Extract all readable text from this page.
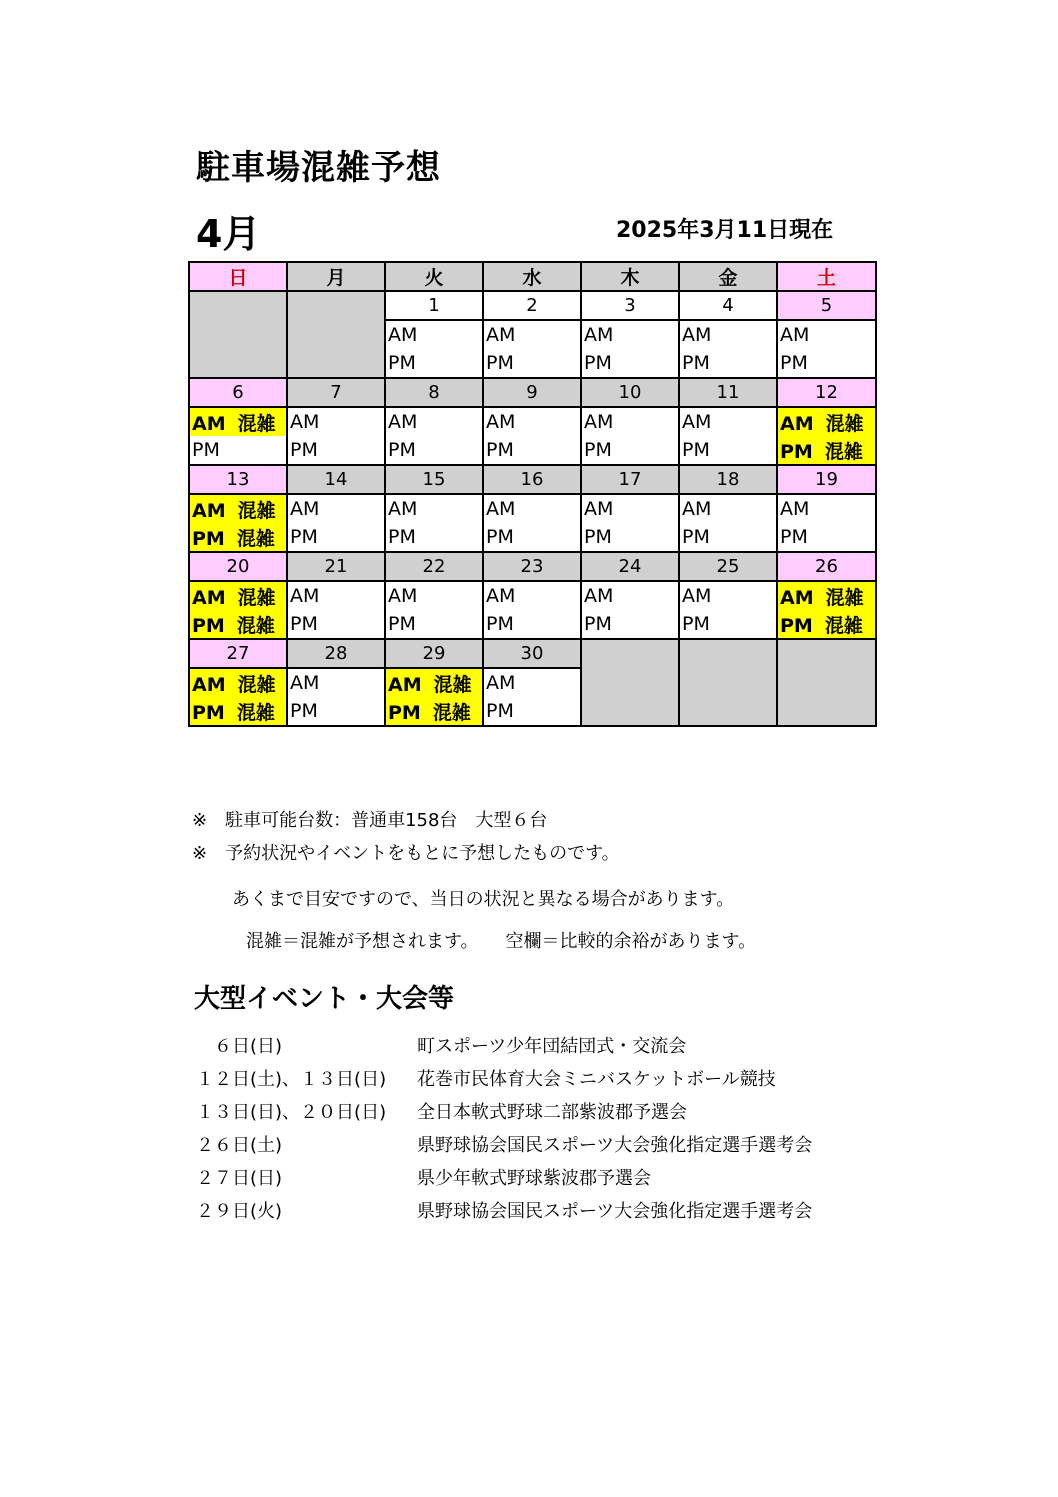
駐車場混雑予想
4月	2025年3月11日現在
日	月	火	水	木	金	土
		1	2	3	4	5
		AM	AM	AM	AM	AM
		PM	PM	PM	PM	PM
6	7	8	9	10	11	12
AM 混雑	AM	AM	AM	AM	AM	AM 混雑
PM	PM	PM	PM	PM	PM	PM 混雑
13	14	15	16	17	18	19
AM 混雑	AM	AM	AM	AM	AM	AM
PM 混雑	PM	PM	PM	PM	PM	PM
20	21	22	23	24	25	26
AM 混雑	AM	AM	AM	AM	AM	AM 混雑
PM 混雑	PM	PM	PM	PM	PM	PM 混雑
27	28	29	30			
AM 混雑	AM	AM 混雑	AM			
PM 混雑	PM	PM 混雑	PM			
※　駐車可能台数：普通車158台　大型６台
※　予約状況やイベントをもとに予想したものです。
あくまで目安ですので、当日の状況と異なる場合があります。
混雑＝混雑が予想されます。　　空欄＝比較的余裕があります。
大型イベント・大会等
　６日(日)	町スポーツ少年団結団式・交流会
１２日(土)、１３日(日) 花巻市民体育大会ミニバスケットボール競技
１３日(日)、２０日(日) 全日本軟式野球二部紫波郡予選会
２６日(土)	県野球協会国民スポーツ大会強化指定選手選考会
２７日(日)	県少年軟式野球紫波郡予選会
２９日(火)	県野球協会国民スポーツ大会強化指定選手選考会
